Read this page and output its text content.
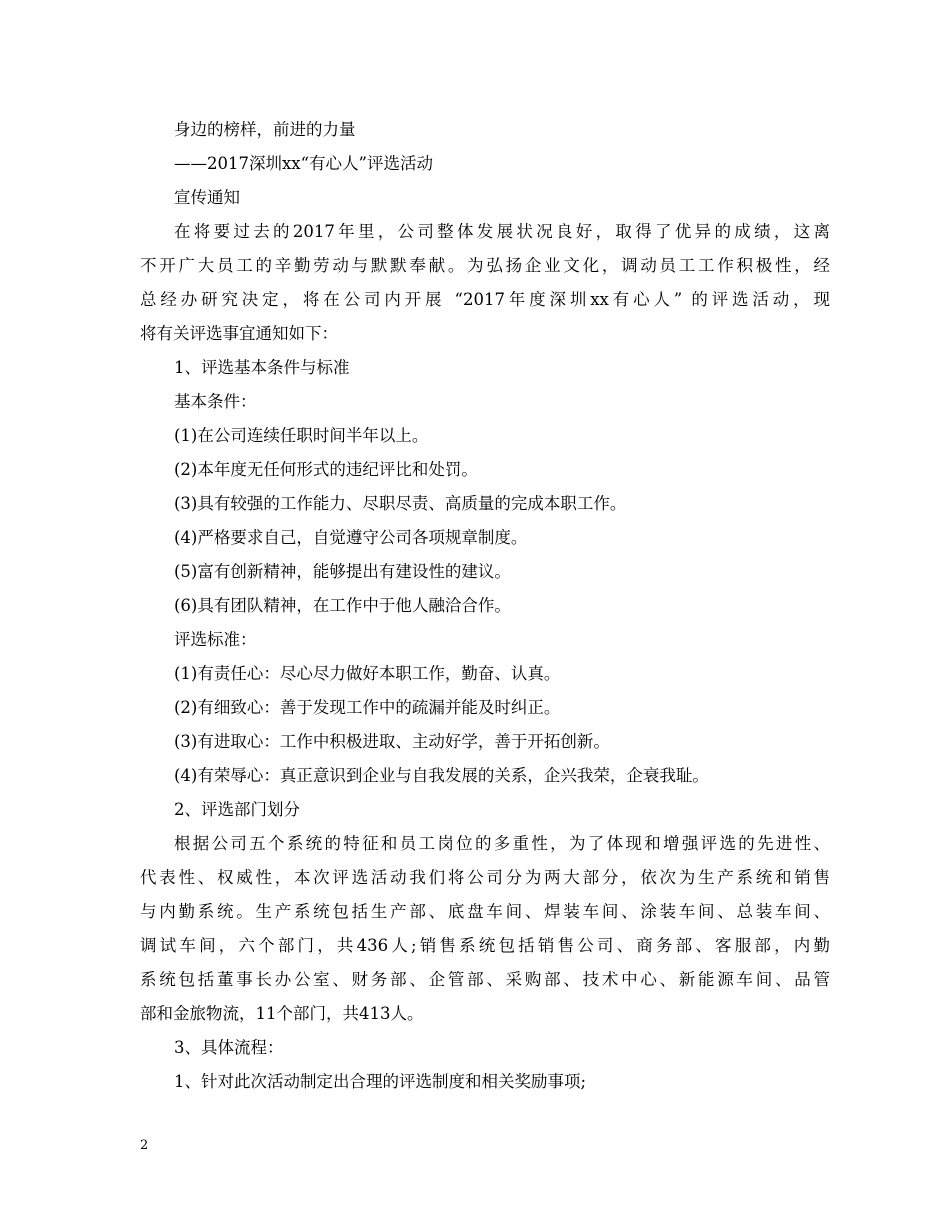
身边的榜样，前进的力量
——2017深圳xx“有心人”评选活动
宣传通知
在将要过去的2017年里，公司整体发展状况良好，取得了优异的成绩，这离
不开广大员工的辛勤劳动与默默奉献。为弘扬企业文化，调动员工工作积极性，经
总经办研究决定，将在公司内开展 “2017年度深圳xx有心人” 的评选活动，现
将有关评选事宜通知如下：
1、评选基本条件与标准
基本条件：
(1)在公司连续任职时间半年以上。
(2)本年度无任何形式的违纪评比和处罚。
(3)具有较强的工作能力、尽职尽责、高质量的完成本职工作。
(4)严格要求自己，自觉遵守公司各项规章制度。
(5)富有创新精神，能够提出有建设性的建议。
(6)具有团队精神，在工作中于他人融洽合作。
评选标准：
(1)有责任心：尽心尽力做好本职工作，勤奋、认真。
(2)有细致心：善于发现工作中的疏漏并能及时纠正。
(3)有进取心：工作中积极进取、主动好学，善于开拓创新。
(4)有荣辱心：真正意识到企业与自我发展的关系，企兴我荣，企衰我耻。
2、评选部门划分
根据公司五个系统的特征和员工岗位的多重性，为了体现和增强评选的先进性、
代表性、权威性，本次评选活动我们将公司分为两大部分，依次为生产系统和销售
与内勤系统。生产系统包括生产部、底盘车间、焊装车间、涂装车间、总装车间、
调试车间，六个部门，共436人;销售系统包括销售公司、商务部、客服部，内勤
系统包括董事长办公室、财务部、企管部、采购部、技术中心、新能源车间、品管
部和金旅物流，11个部门，共413人。
3、具体流程：
1、针对此次活动制定出合理的评选制度和相关奖励事项;
2
